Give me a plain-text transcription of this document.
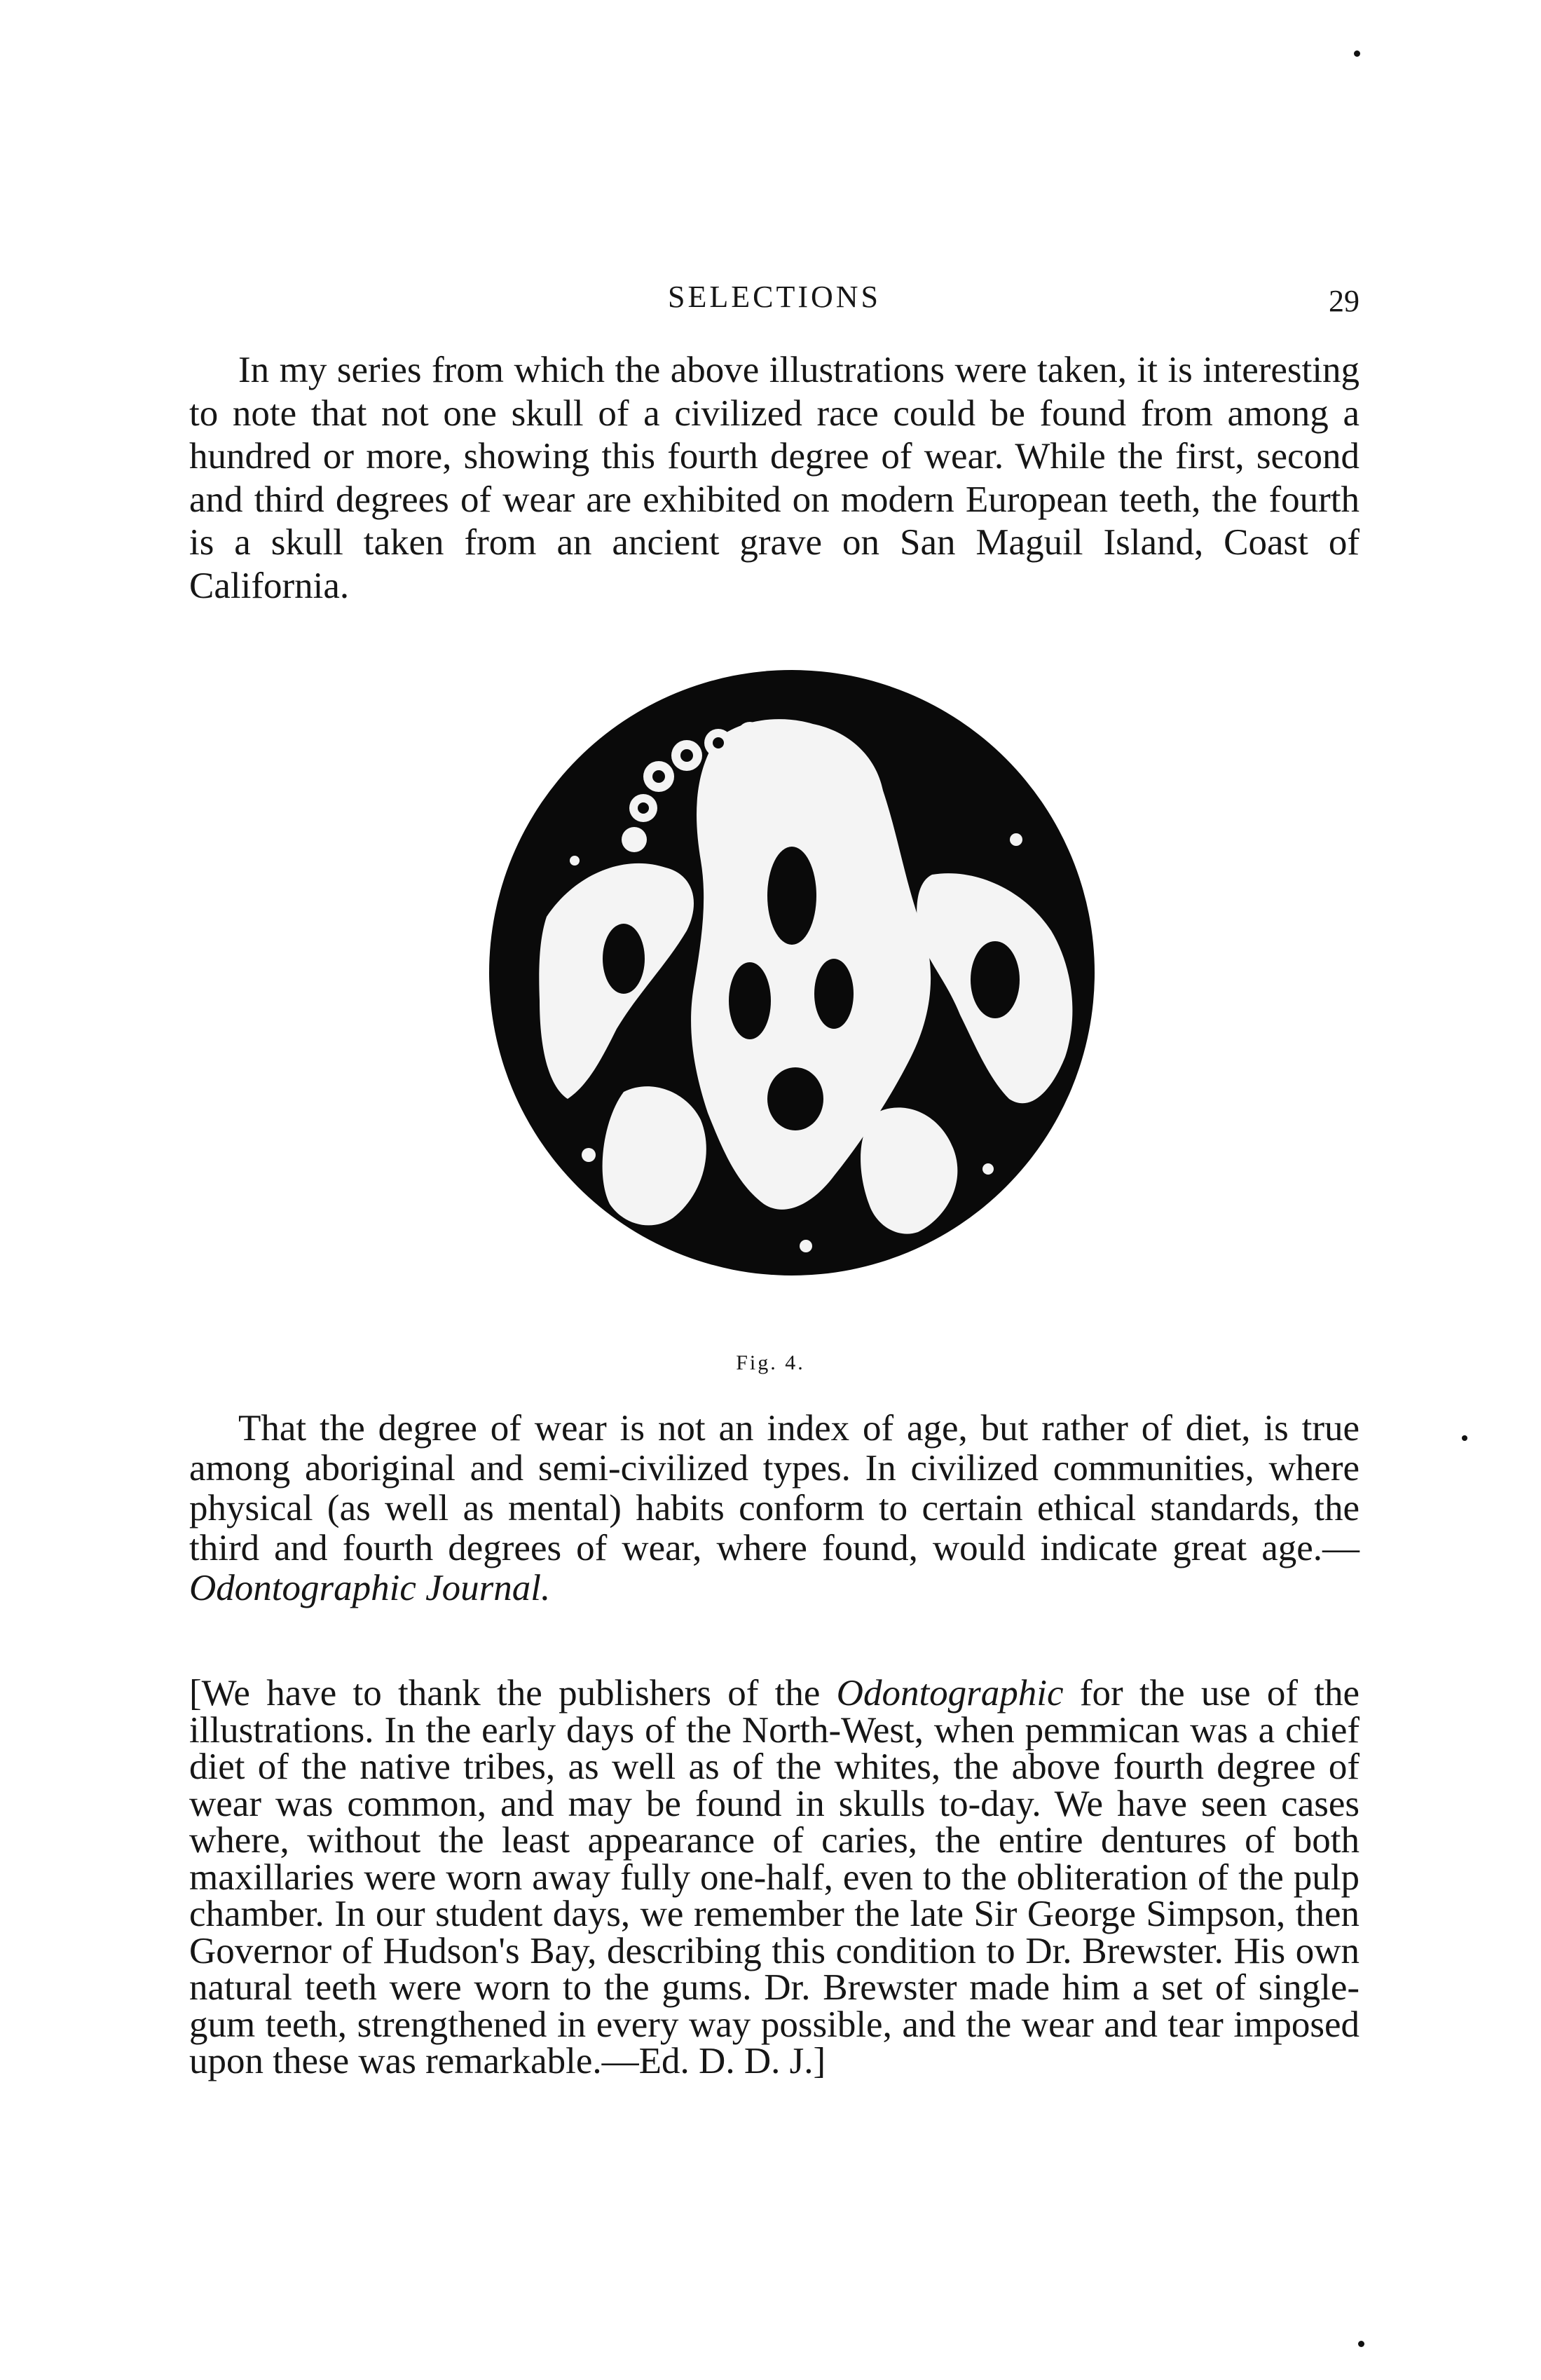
SELECTIONS	29

In my series from which the above illustrations were taken, it is interesting to note that not one skull of a civilized race could be found from among a hundred or more, showing this fourth degree of wear. While the first, second and third degrees of wear are exhibited on modern European teeth, the fourth is a skull taken from an ancient grave on San Maguil Island, Coast of California.

Fig. 4.

That the degree of wear is not an index of age, but rather of diet, is true among aboriginal and semi-civilized types. In civilized communities, where physical (as well as mental) habits conform to certain ethical standards, the third and fourth degrees of wear, where found, would indicate great age.—Odontographic Journal.

[We have to thank the publishers of the Odontographic for the use of the illustrations. In the early days of the North-West, when pemmican was a chief diet of the native tribes, as well as of the whites, the above fourth degree of wear was common, and may be found in skulls to-day. We have seen cases where, without the least appearance of caries, the entire dentures of both maxillaries were worn away fully one-half, even to the obliteration of the pulp chamber. In our student days, we remember the late Sir George Simpson, then Governor of Hudson's Bay, describing this condition to Dr. Brewster. His own natural teeth were worn to the gums. Dr. Brewster made him a set of single-gum teeth, strengthened in every way possible, and the wear and tear imposed upon these was remarkable.—Ed. D. D. J.]
